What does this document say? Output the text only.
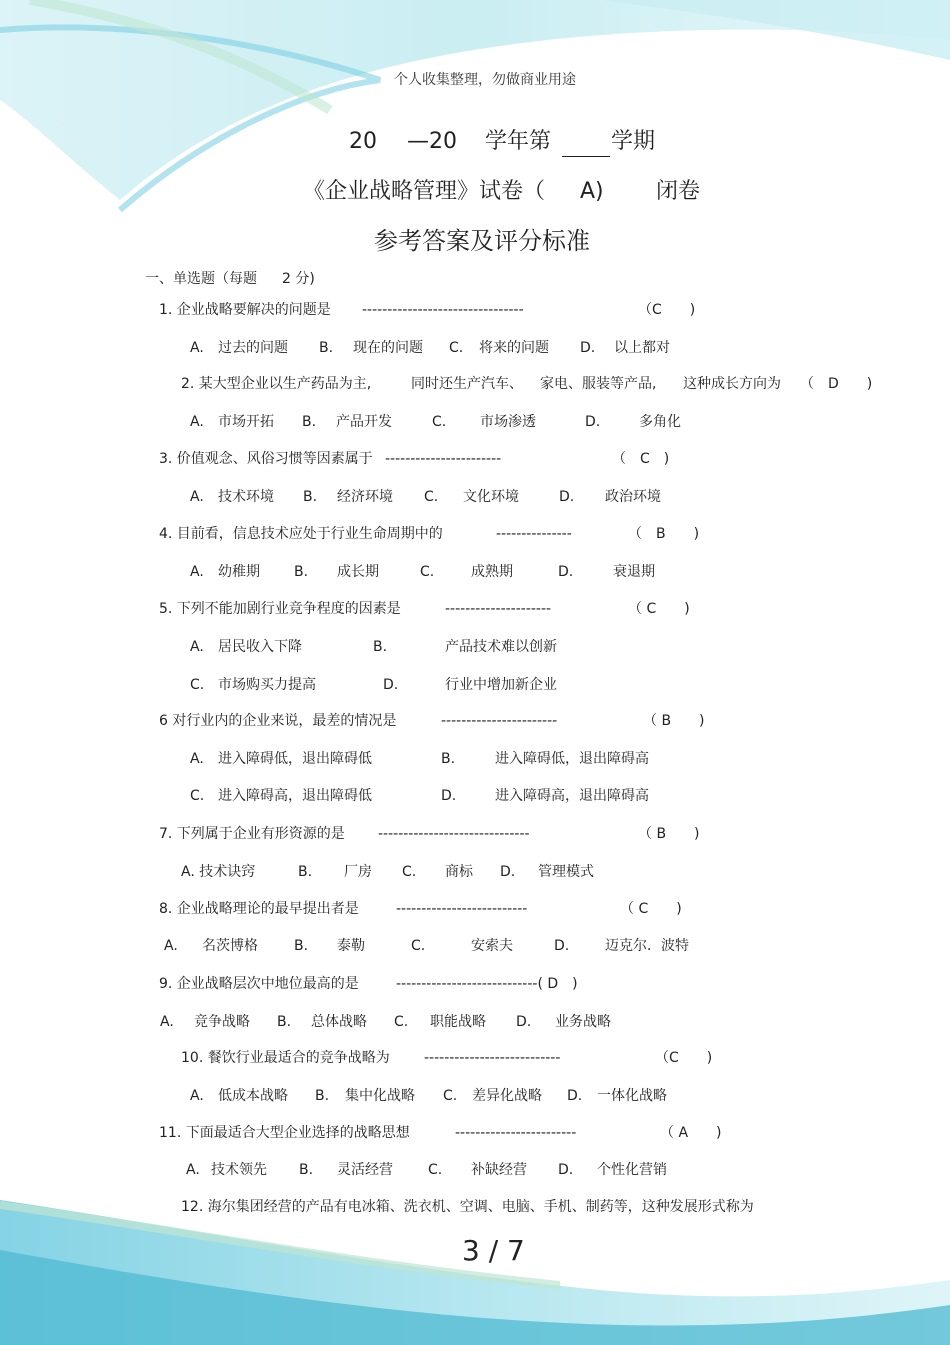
个人收集整理，勿做商业用途
20 —20 学年第	学期
《企业战略管理》试卷（ A) 闭卷
参考答案及评分标准
一、单选题（每题 2 分)
1. 企业战略要解决的问题是 --------------------------------	（C　　)
A. 过去的问题 B. 现在的问题 C. 将来的问题 D. 以上都对
2. 某大型企业以生产药品为主,	同时还生产汽车、 家电、服装等产品, 这种成长方向为 （　D　　)
A. 市场开拓 B. 产品开发	C. 市场渗透	D.	多角化
3. 价值观念、风俗习惯等因素属于 -----------------------	（　C　)
A. 技术环境 B. 经济环境 C. 文化环境	D. 政治环境
4. 目前看，信息技术应处于行业生命周期中的	---------------	（　B　　)
A. 幼稚期 B. 成长期	C.	成熟期	D.	衰退期
5. 下列不能加剧行业竞争程度的因素是	---------------------	（ C　　)
A. 居民收入下降	B.	产品技术难以创新
C. 市场购买力提高	D.	行业中增加新企业
6 对行业内的企业来说，最差的情况是	-----------------------	（ B　　)
A. 进入障碍低，退出障碍低	B.	进入障碍低，退出障碍高
C. 进入障碍高，退出障碍低	D.	进入障碍高，退出障碍高
7. 下列属于企业有形资源的是 ------------------------------	（ B　　)
A. 技术诀窍	B. 厂房 C. 商标 D. 管理模式
8. 企业战略理论的最早提出者是	--------------------------	（ C　　)
A. 名茨博格	B. 泰勒	C.	安索夫	D.	迈克尔．波特
9. 企业战略层次中地位最高的是	----------------------------( D　)
A. 竞争战略 B. 总体战略 C. 职能战略 D. 业务战略
10. 餐饮行业最适合的竞争战略为 ---------------------------	（C　　)
A. 低成本战略 B. 集中化战略 C. 差异化战略 D. 一体化战略
11. 下面最适合大型企业选择的战略思想	------------------------	（ A　　)
A. 技术领先 B. 灵活经营	C. 补缺经营 D. 个性化营销
12. 海尔集团经营的产品有电冰箱、洗衣机、空调、电脑、手机、制药等，这种发展形式称为
3 / 7
